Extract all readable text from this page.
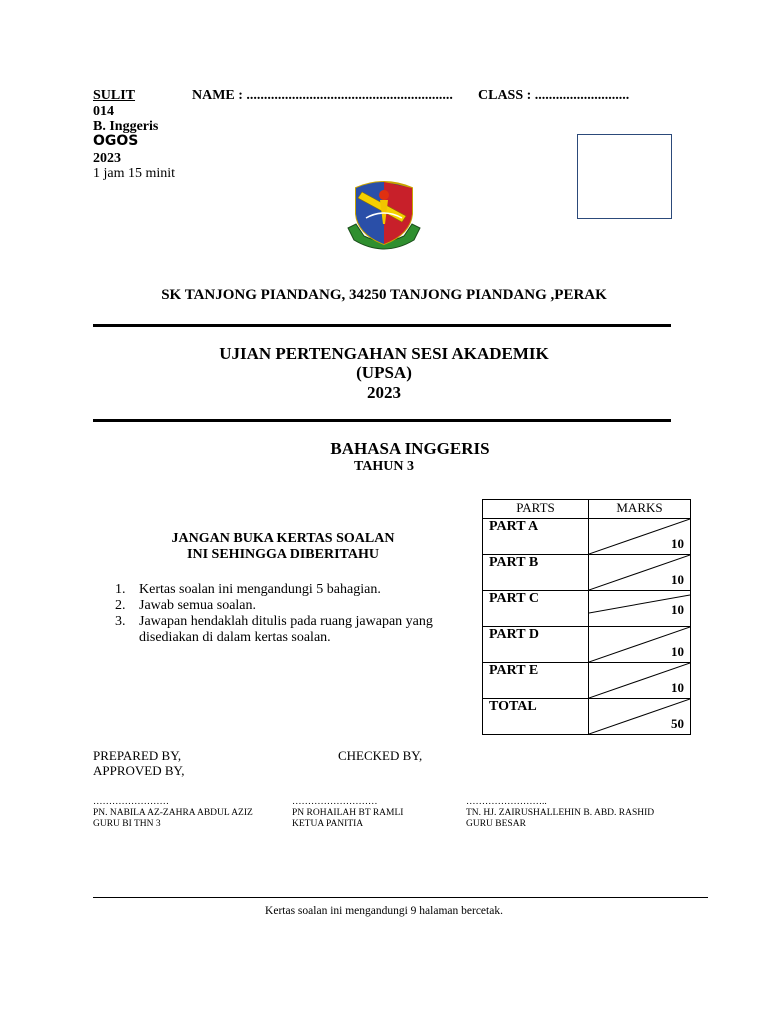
SULIT	NAME : ........................................................... CLASS : ...........................
014
B. Inggeris
OGOS
2023
1 jam 15 minit
SK TANJONG PIANDANG, 34250 TANJONG PIANDANG ,PERAK
UJIAN PERTENGAHAN SESI AKADEMIK
(UPSA)
2023
BAHASA INGGERIS
TAHUN 3
JANGAN BUKA KERTAS SOALAN
INI SEHINGGA DIBERITAHU
1. Kertas soalan ini mengandungi 5 bahagian.
2. Jawab semua soalan.
3. Jawapan hendaklah ditulis pada ruang jawapan yang disediakan di dalam kertas soalan.
PARTS	MARKS
PART A	10

PART B	10

PART C	10

PART D	10

PART E	10

TOTAL	50
PREPARED BY,	CHECKED BY,
APPROVED BY,
……………………
PN. NABILA AZ-ZAHRA ABDUL AZIZ
GURU BI THN 3
………………………
PN ROHAILAH BT RAMLI
KETUA PANITIA
……………………..
TN. HJ. ZAIRUSHALLEHIN B. ABD. RASHID
GURU BESAR
Kertas soalan ini mengandungi 9 halaman bercetak.
